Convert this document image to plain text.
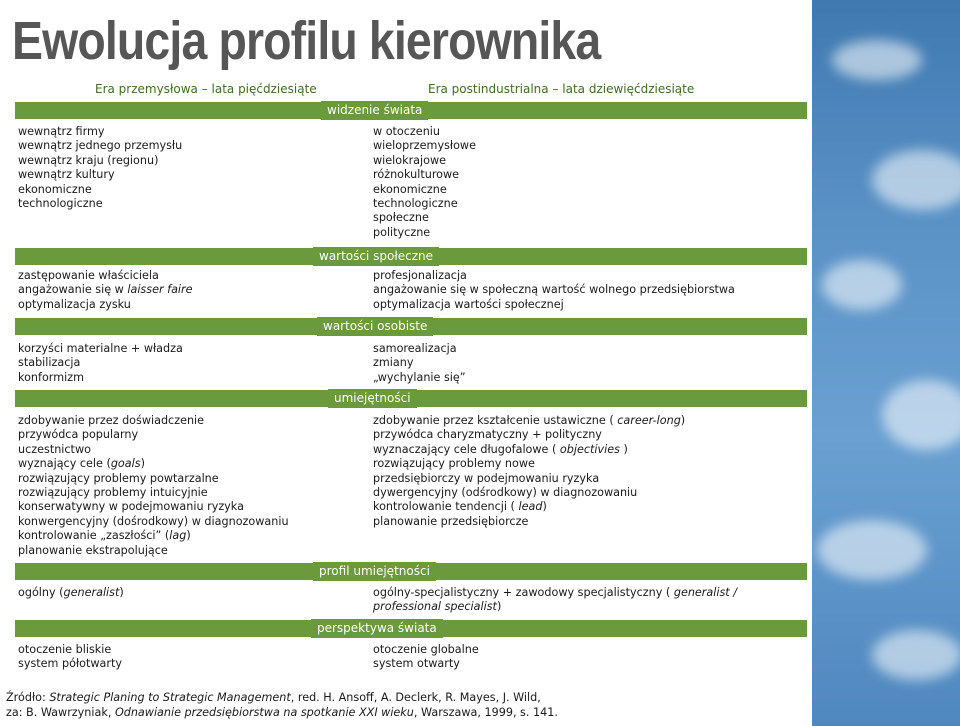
Ewolucja profilu kierownika
Era przemysłowa – lata pięćdziesiąte	Era postindustrialna – lata dziewięćdziesiąte
widzenie świata
wewnątrz firmy
wewnątrz jednego przemysłu
wewnątrz kraju (regionu)
wewnątrz kultury
ekonomiczne
technologiczne
w otoczeniu
wieloprzemysłowe
wielokrajowe
różnokulturowe
ekonomiczne
technologiczne
społeczne
polityczne
wartości społeczne
zastępowanie właściciela
angażowanie się w laisser faire
optymalizacja zysku
profesjonalizacja
angażowanie się w społeczną wartość wolnego przedsiębiorstwa
optymalizacja wartości społecznej
wartości osobiste
korzyści materialne + władza
stabilizacja
konformizm
samorealizacja
zmiany
„wychylanie się”
umiejętności
zdobywanie przez doświadczenie
przywódca popularny
uczestnictwo
wyznający cele (goals)
rozwiązujący problemy powtarzalne
rozwiązujący problemy intuicyjnie
konserwatywny w podejmowaniu ryzyka
konwergencyjny (dośrodkowy) w diagnozowaniu
kontrolowanie „zaszłości” (lag)
planowanie ekstrapolujące
zdobywanie przez kształcenie ustawiczne ( career-long)
przywódca charyzmatyczny + polityczny
wyznaczający cele długofalowe ( objectivies )
rozwiązujący problemy nowe
przedsiębiorczy w podejmowaniu ryzyka
dywergencyjny (odśrodkowy) w diagnozowaniu
kontrolowanie tendencji ( lead)
planowanie przedsiębiorcze
profil umiejętności
ogólny (generalist)	ogólny-specjalistyczny + zawodowy specjalistyczny ( generalist /
professional specialist)
perspektywa świata
otoczenie bliskie
system półotwarty
otoczenie globalne
system otwarty
Źródło: Strategic Planing to Strategic Management, red. H. Ansoff, A. Declerk, R. Mayes, J. Wild,
za: B. Wawrzyniak, Odnawianie przedsiębiorstwa na spotkanie XXI wieku, Warszawa, 1999, s. 141.
